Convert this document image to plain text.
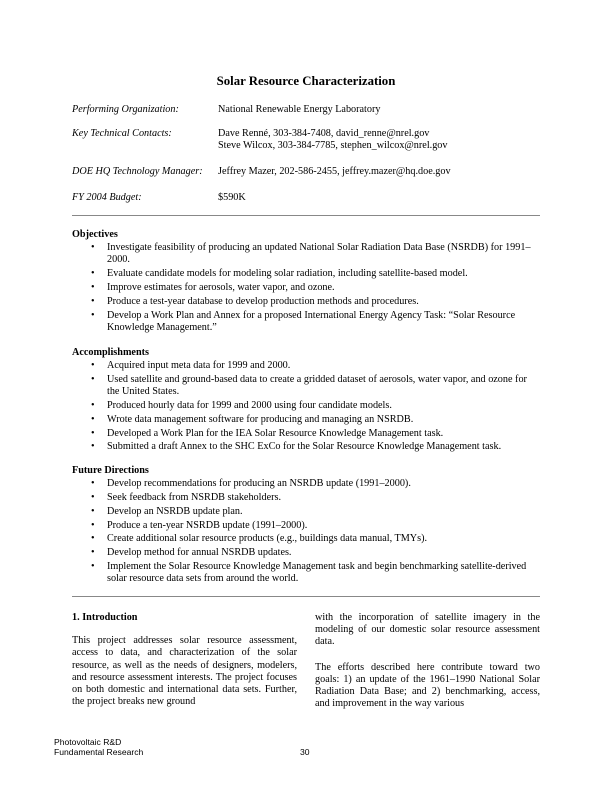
Solar Resource Characterization
Performing Organization:	National Renewable Energy Laboratory
Key Technical Contacts:	Dave Renné, 303-384-7408, david_renne@nrel.gov
Steve Wilcox, 303-384-7785, stephen_wilcox@nrel.gov
DOE HQ Technology Manager:	Jeffrey Mazer, 202-586-2455, jeffrey.mazer@hq.doe.gov
FY 2004 Budget:	$590K
Objectives
• Investigate feasibility of producing an updated National Solar Radiation Data Base (NSRDB) for 1991–2000.
• Evaluate candidate models for modeling solar radiation, including satellite-based model.
• Improve estimates for aerosols, water vapor, and ozone.
• Produce a test-year database to develop production methods and procedures.
• Develop a Work Plan and Annex for a proposed International Energy Agency Task: “Solar Resource Knowledge Management.”
Accomplishments
• Acquired input meta data for 1999 and 2000.
• Used satellite and ground-based data to create a gridded dataset of aerosols, water vapor, and ozone for the United States.
• Produced hourly data for 1999 and 2000 using four candidate models.
• Wrote data management software for producing and managing an NSRDB.
• Developed a Work Plan for the IEA Solar Resource Knowledge Management task.
• Submitted a draft Annex to the SHC ExCo for the Solar Resource Knowledge Management task.
Future Directions
• Develop recommendations for producing an NSRDB update (1991–2000).
• Seek feedback from NSRDB stakeholders.
• Develop an NSRDB update plan.
• Produce a ten-year NSRDB update (1991–2000).
• Create additional solar resource products (e.g., buildings data manual, TMYs).
• Develop method for annual NSRDB updates.
• Implement the Solar Resource Knowledge Management task and begin benchmarking satellite-derived solar resource data sets from around the world.
1. Introduction

This project addresses solar resource assessment, access to data, and characterization of the solar resource, as well as the needs of designers, modelers, and resource assessment interests. The project focuses on both domestic and international data sets. Further, the project breaks new ground

with the incorporation of satellite imagery in the modeling of our domestic solar resource assessment data.

The efforts described here contribute toward two goals: 1) an update of the 1961–1990 National Solar Radiation Data Base; and 2) benchmarking, access, and improvement in the way various

Photovoltaic R&D
Fundamental Research	30
